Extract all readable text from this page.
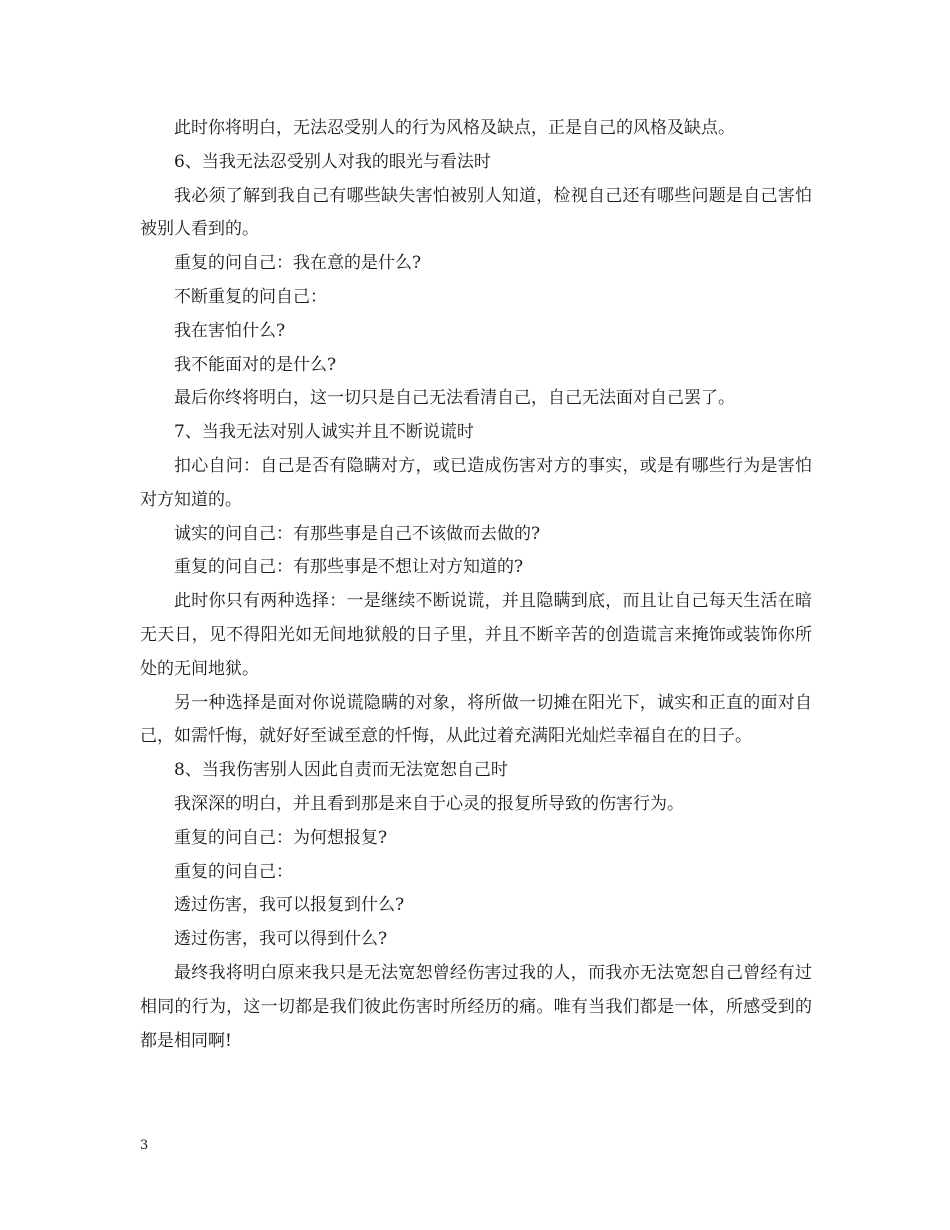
此时你将明白，无法忍受别人的行为风格及缺点，正是自己的风格及缺点。

6、当我无法忍受别人对我的眼光与看法时

我必须了解到我自己有哪些缺失害怕被别人知道，检视自己还有哪些问题是自己害怕被别人看到的。

重复的问自己：我在意的是什么?

不断重复的问自己：

我在害怕什么?

我不能面对的是什么?

最后你终将明白，这一切只是自己无法看清自己，自己无法面对自己罢了。

7、当我无法对别人诚实并且不断说谎时

扣心自问：自己是否有隐瞒对方，或已造成伤害对方的事实，或是有哪些行为是害怕对方知道的。

诚实的问自己：有那些事是自己不该做而去做的?

重复的问自己：有那些事是不想让对方知道的?

此时你只有两种选择：一是继续不断说谎，并且隐瞒到底，而且让自己每天生活在暗无天日，见不得阳光如无间地狱般的日子里，并且不断辛苦的创造谎言来掩饰或装饰你所处的无间地狱。

另一种选择是面对你说谎隐瞒的对象，将所做一切摊在阳光下，诚实和正直的面对自己，如需忏悔，就好好至诚至意的忏悔，从此过着充满阳光灿烂幸福自在的日子。

8、当我伤害别人因此自责而无法宽恕自己时

我深深的明白，并且看到那是来自于心灵的报复所导致的伤害行为。

重复的问自己：为何想报复?

重复的问自己：

透过伤害，我可以报复到什么?

透过伤害，我可以得到什么?

最终我将明白原来我只是无法宽恕曾经伤害过我的人，而我亦无法宽恕自己曾经有过相同的行为，这一切都是我们彼此伤害时所经历的痛。唯有当我们都是一体，所感受到的都是相同啊!

3
